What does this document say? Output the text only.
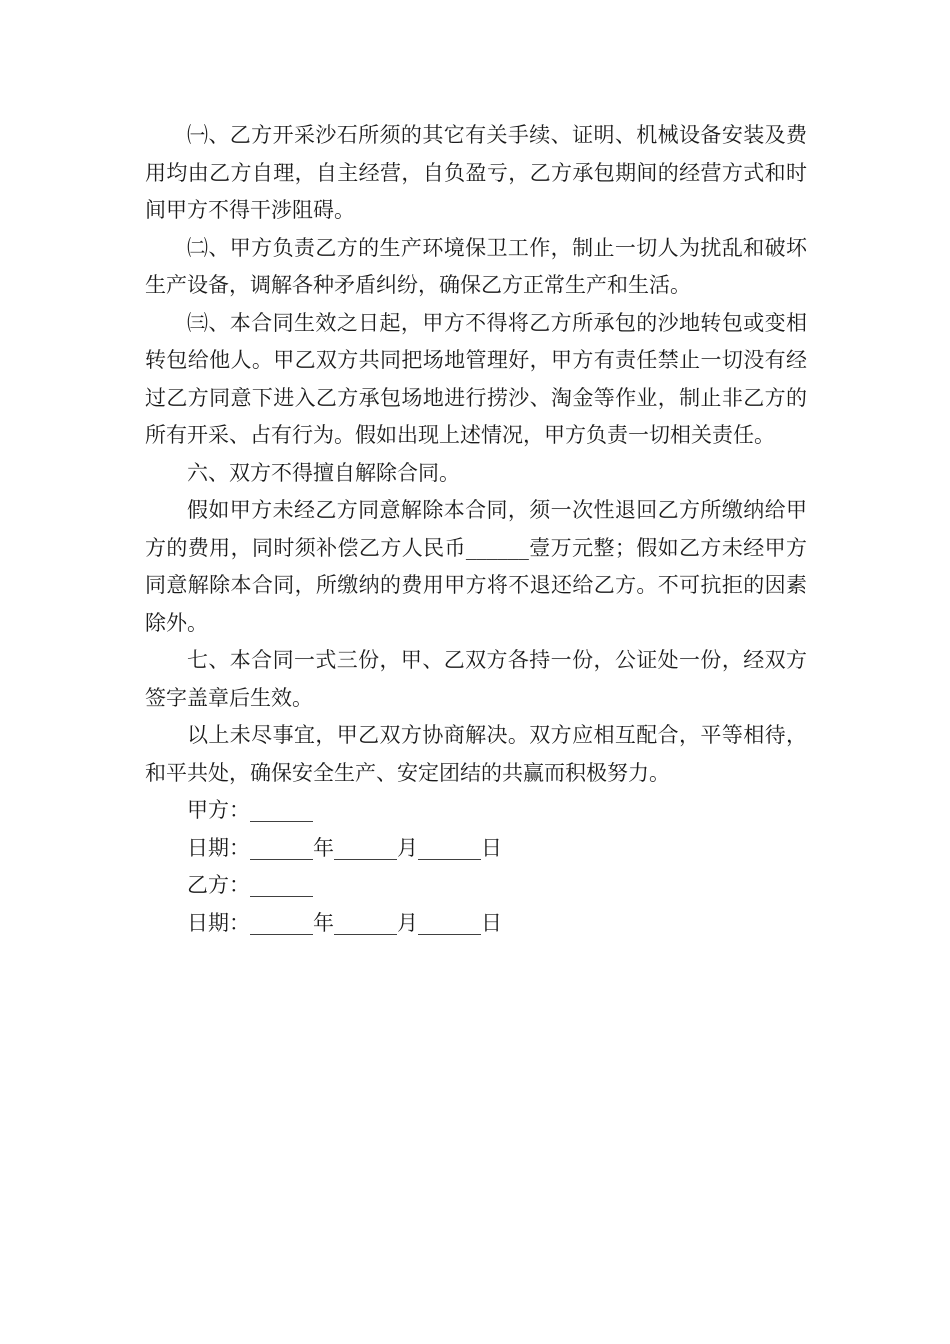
㈠、乙方开采沙石所须的其它有关手续、证明、机械设备安装及费用均由乙方自理，自主经营，自负盈亏，乙方承包期间的经营方式和时间甲方不得干涉阻碍。

㈡、甲方负责乙方的生产环境保卫工作，制止一切人为扰乱和破坏生产设备，调解各种矛盾纠纷，确保乙方正常生产和生活。

㈢、本合同生效之日起，甲方不得将乙方所承包的沙地转包或变相转包给他人。甲乙双方共同把场地管理好，甲方有责任禁止一切没有经过乙方同意下进入乙方承包场地进行捞沙、淘金等作业，制止非乙方的所有开采、占有行为。假如出现上述情况，甲方负责一切相关责任。

六、双方不得擅自解除合同。

假如甲方未经乙方同意解除本合同，须一次性退回乙方所缴纳给甲方的费用，同时须补偿乙方人民币______壹万元整；假如乙方未经甲方同意解除本合同，所缴纳的费用甲方将不退还给乙方。不可抗拒的因素除外。

七、本合同一式三份，甲、乙双方各持一份，公证处一份，经双方签字盖章后生效。

以上未尽事宜，甲乙双方协商解决。双方应相互配合，平等相待，和平共处，确保安全生产、安定团结的共赢而积极努力。

甲方：______

日期：______年______月______日

乙方：______

日期：______年______月______日
